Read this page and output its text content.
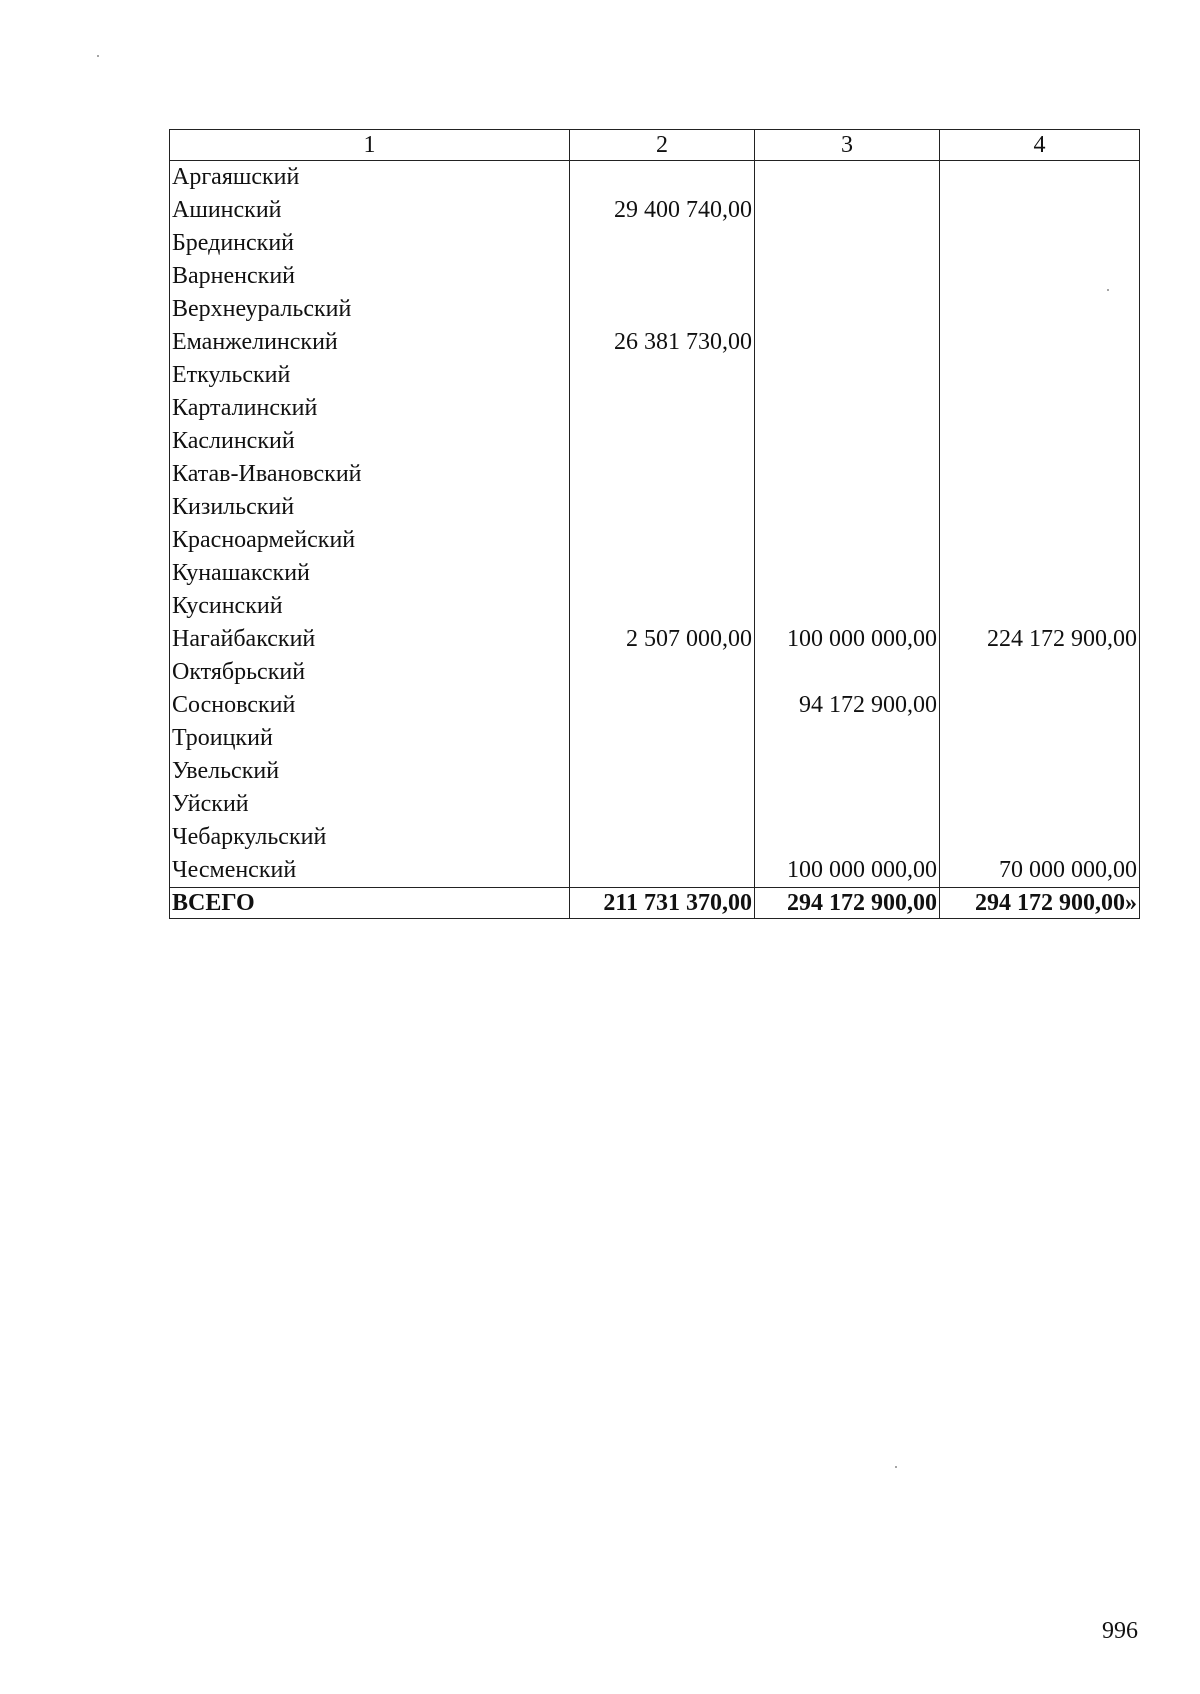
1	2	3	4
Аргаяшский			
Ашинский	29 400 740,00		
Брединский			
Варненский			
Верхнеуральский			
Еманжелинский	26 381 730,00		
Еткульский			
Карталинский			
Каслинский			
Катав-Ивановский			
Кизильский			
Красноармейский			
Кунашакский			
Кусинский			
Нагайбакский	2 507 000,00	100 000 000,00	224 172 900,00
Октябрьский			
Сосновский		94 172 900,00	
Троицкий			
Увельский			
Уйский			
Чебаркульский			
Чесменский		100 000 000,00	70 000 000,00
ВСЕГО	211 731 370,00	294 172 900,00	294 172 900,00»
996
